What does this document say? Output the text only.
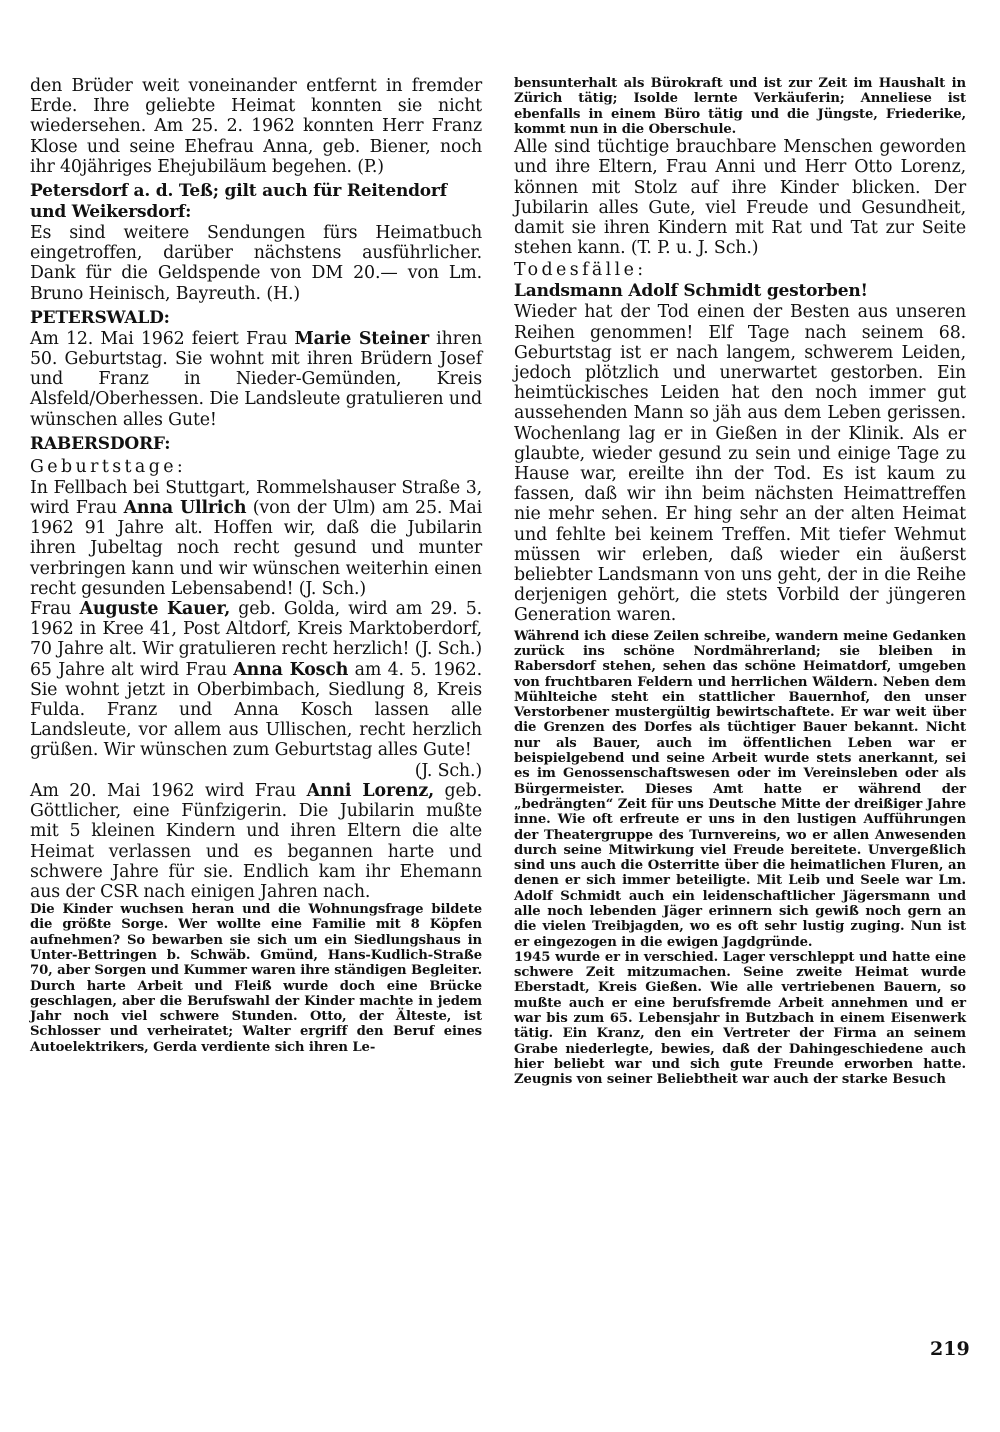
den Brüder weit voneinander entfernt in fremder Erde. Ihre geliebte Heimat konnten sie nicht wiedersehen. Am 25. 2. 1962 konnten Herr Franz Klose und seine Ehefrau Anna, geb. Biener, noch ihr 40jähriges Ehejubiläum begehen. (P.)

Petersdorf a. d. Teß; gilt auch für Reitendorf und Weikersdorf:

Es sind weitere Sendungen fürs Heimatbuch eingetroffen, darüber nächstens ausführlicher. Dank für die Geldspende von DM 20.— von Lm. Bruno Heinisch, Bayreuth. (H.)

PETERSWALD:

Am 12. Mai 1962 feiert Frau Marie Steiner ihren 50. Geburtstag. Sie wohnt mit ihren Brüdern Josef und Franz in Nieder-Gemünden, Kreis Alsfeld/Oberhessen. Die Landsleute gratulieren und wünschen alles Gute!

RABERSDORF:

Geburtstage:

In Fellbach bei Stuttgart, Rommelshauser Straße 3, wird Frau Anna Ullrich (von der Ulm) am 25. Mai 1962 91 Jahre alt. Hoffen wir, daß die Jubilarin ihren Jubeltag noch recht gesund und munter verbringen kann und wir wünschen weiterhin einen recht gesunden Lebensabend! (J. Sch.)

Frau Auguste Kauer, geb. Golda, wird am 29. 5. 1962 in Kree 41, Post Altdorf, Kreis Marktoberdorf, 70 Jahre alt. Wir gratulieren recht herzlich! (J. Sch.)

65 Jahre alt wird Frau Anna Kosch am 4. 5. 1962. Sie wohnt jetzt in Oberbimbach, Siedlung 8, Kreis Fulda. Franz und Anna Kosch lassen alle Landsleute, vor allem aus Ullischen, recht herzlich grüßen. Wir wünschen zum Geburtstag alles Gute!

(J. Sch.)

Am 20. Mai 1962 wird Frau Anni Lorenz, geb. Göttlicher, eine Fünfzigerin. Die Jubilarin mußte mit 5 kleinen Kindern und ihren Eltern die alte Heimat verlassen und es begannen harte und schwere Jahre für sie. Endlich kam ihr Ehemann aus der CSR nach einigen Jahren nach.

Die Kinder wuchsen heran und die Wohnungsfrage bildete die größte Sorge. Wer wollte eine Familie mit 8 Köpfen aufnehmen? So bewarben sie sich um ein Siedlungshaus in Unter-Bettringen b. Schwäb. Gmünd, Hans-Kudlich-Straße 70, aber Sorgen und Kummer waren ihre ständigen Begleiter. Durch harte Arbeit und Fleiß wurde doch eine Brücke geschlagen, aber die Berufswahl der Kinder machte in jedem Jahr noch viel schwere Stunden. Otto, der Älteste, ist Schlosser und verheiratet; Walter ergriff den Beruf eines Autoelektrikers, Gerda verdiente sich ihren Le-

bensunterhalt als Bürokraft und ist zur Zeit im Haushalt in Zürich tätig; Isolde lernte Verkäuferin; Anneliese ist ebenfalls in einem Büro tätig und die Jüngste, Friederike, kommt nun in die Oberschule.

Alle sind tüchtige brauchbare Menschen geworden und ihre Eltern, Frau Anni und Herr Otto Lorenz, können mit Stolz auf ihre Kinder blicken. Der Jubilarin alles Gute, viel Freude und Gesundheit, damit sie ihren Kindern mit Rat und Tat zur Seite stehen kann. (T. P. u. J. Sch.)

Todesfälle:

Landsmann Adolf Schmidt gestorben!

Wieder hat der Tod einen der Besten aus unseren Reihen genommen! Elf Tage nach seinem 68. Geburtstag ist er nach langem, schwerem Leiden, jedoch plötzlich und unerwartet gestorben. Ein heimtückisches Leiden hat den noch immer gut aussehenden Mann so jäh aus dem Leben gerissen. Wochenlang lag er in Gießen in der Klinik. Als er glaubte, wieder gesund zu sein und einige Tage zu Hause war, ereilte ihn der Tod. Es ist kaum zu fassen, daß wir ihn beim nächsten Heimattreffen nie mehr sehen. Er hing sehr an der alten Heimat und fehlte bei keinem Treffen. Mit tiefer Wehmut müssen wir erleben, daß wieder ein äußerst beliebter Landsmann von uns geht, der in die Reihe derjenigen gehört, die stets Vorbild der jüngeren Generation waren.

Während ich diese Zeilen schreibe, wandern meine Gedanken zurück ins schöne Nordmährerland; sie bleiben in Rabersdorf stehen, sehen das schöne Heimatdorf, umgeben von fruchtbaren Feldern und herrlichen Wäldern. Neben dem Mühlteiche steht ein stattlicher Bauernhof, den unser Verstorbener mustergültig bewirtschaftete. Er war weit über die Grenzen des Dorfes als tüchtiger Bauer bekannt. Nicht nur als Bauer, auch im öffentlichen Leben war er beispielgebend und seine Arbeit wurde stets anerkannt, sei es im Genossenschaftswesen oder im Vereinsleben oder als Bürgermeister. Dieses Amt hatte er während der „bedrängten“ Zeit für uns Deutsche Mitte der dreißiger Jahre inne. Wie oft erfreute er uns in den lustigen Aufführungen der Theatergruppe des Turnvereins, wo er allen Anwesenden durch seine Mitwirkung viel Freude bereitete. Unvergeßlich sind uns auch die Osterritte über die heimatlichen Fluren, an denen er sich immer beteiligte. Mit Leib und Seele war Lm. Adolf Schmidt auch ein leidenschaftlicher Jägersmann und alle noch lebenden Jäger erinnern sich gewiß noch gern an die vielen Treibjagden, wo es oft sehr lustig zuging. Nun ist er eingezogen in die ewigen Jagdgründe.

1945 wurde er in verschied. Lager verschleppt und hatte eine schwere Zeit mitzumachen. Seine zweite Heimat wurde Eberstadt, Kreis Gießen. Wie alle vertriebenen Bauern, so mußte auch er eine berufsfremde Arbeit annehmen und er war bis zum 65. Lebensjahr in Butzbach in einem Eisenwerk tätig. Ein Kranz, den ein Vertreter der Firma an seinem Grabe niederlegte, bewies, daß der Dahingeschiedene auch hier beliebt war und sich gute Freunde erworben hatte. Zeugnis von seiner Beliebtheit war auch der starke Besuch

219
